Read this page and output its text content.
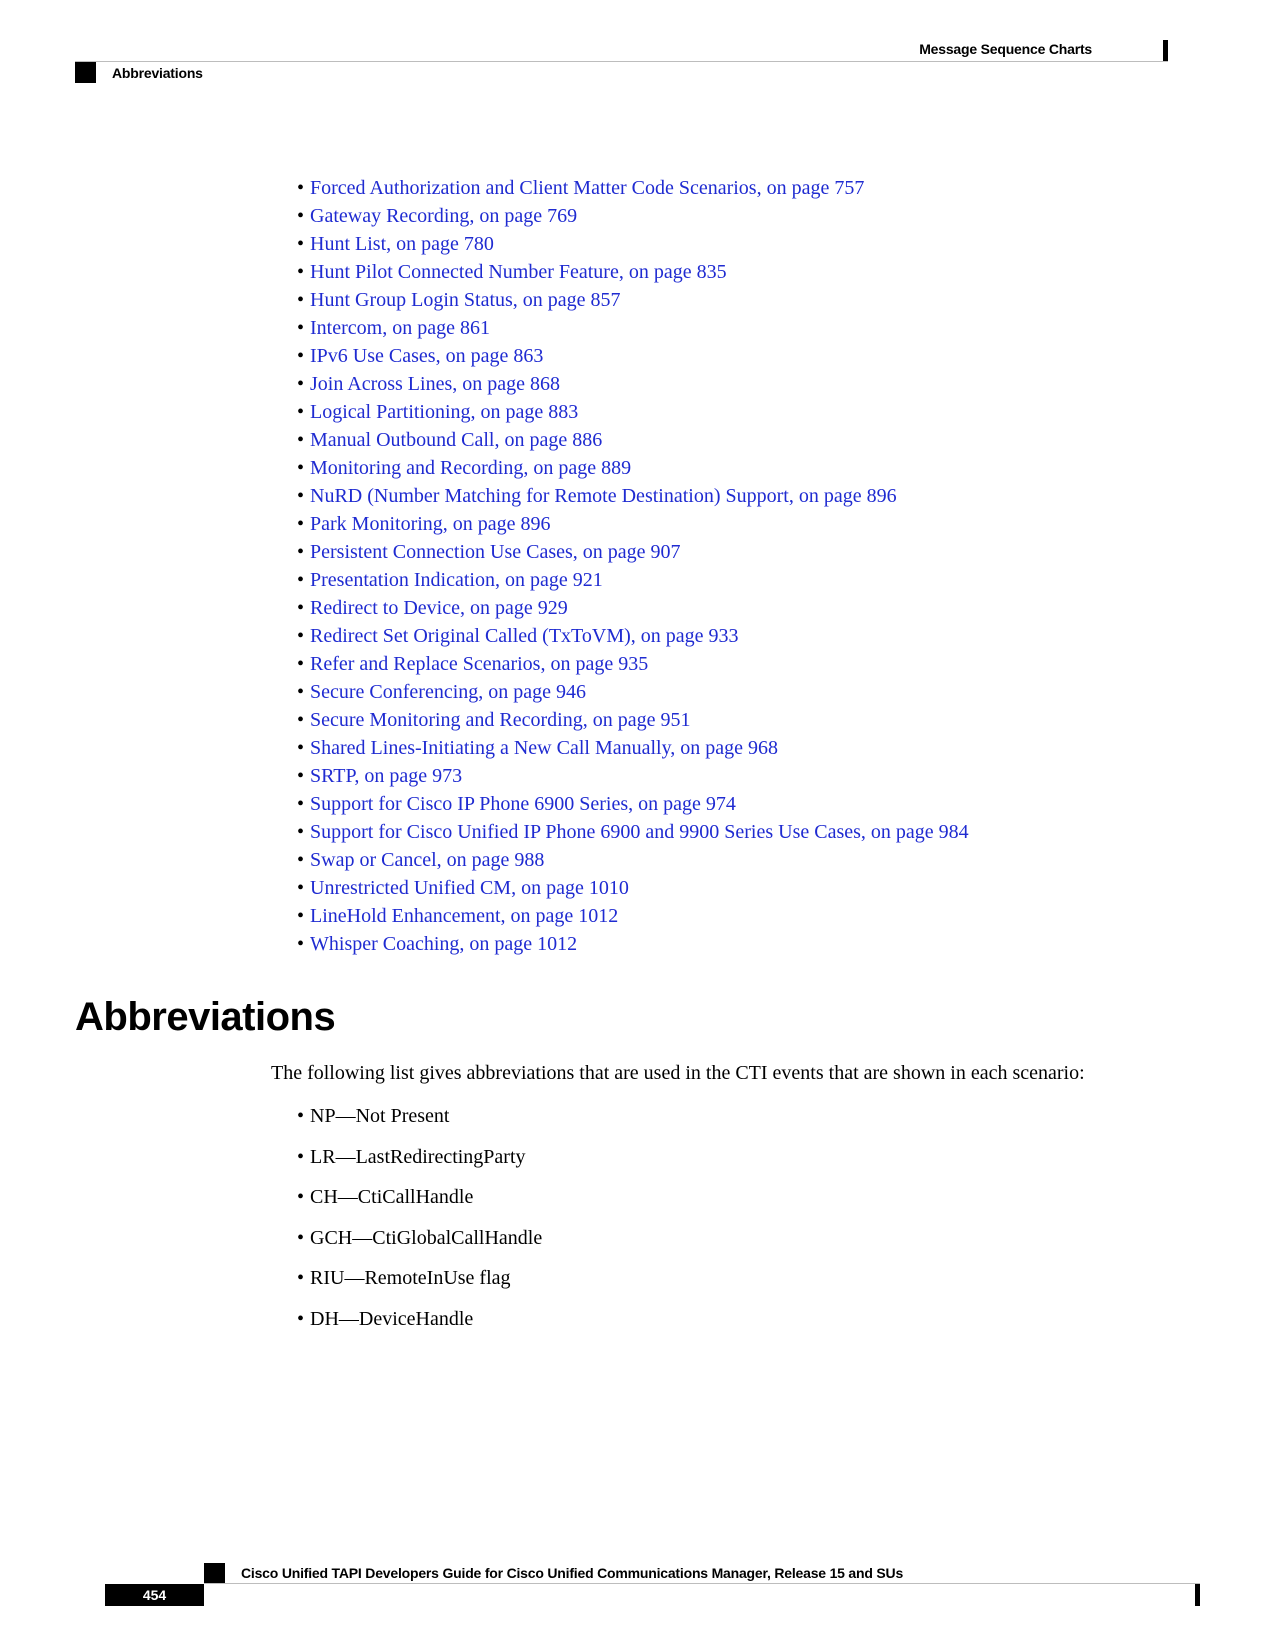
Message Sequence Charts
Abbreviations
• Forced Authorization and Client Matter Code Scenarios, on page 757
• Gateway Recording, on page 769
• Hunt List, on page 780
• Hunt Pilot Connected Number Feature, on page 835
• Hunt Group Login Status, on page 857
• Intercom, on page 861
• IPv6 Use Cases, on page 863
• Join Across Lines, on page 868
• Logical Partitioning, on page 883
• Manual Outbound Call, on page 886
• Monitoring and Recording, on page 889
• NuRD (Number Matching for Remote Destination) Support, on page 896
• Park Monitoring, on page 896
• Persistent Connection Use Cases, on page 907
• Presentation Indication, on page 921
• Redirect to Device, on page 929
• Redirect Set Original Called (TxToVM), on page 933
• Refer and Replace Scenarios, on page 935
• Secure Conferencing, on page 946
• Secure Monitoring and Recording, on page 951
• Shared Lines-Initiating a New Call Manually, on page 968
• SRTP, on page 973
• Support for Cisco IP Phone 6900 Series, on page 974
• Support for Cisco Unified IP Phone 6900 and 9900 Series Use Cases, on page 984
• Swap or Cancel, on page 988
• Unrestricted Unified CM, on page 1010
• LineHold Enhancement, on page 1012
• Whisper Coaching, on page 1012
Abbreviations

The following list gives abbreviations that are used in the CTI events that are shown in each scenario:

• NP—Not Present
• LR—LastRedirectingParty
• CH—CtiCallHandle
• GCH—CtiGlobalCallHandle
• RIU—RemoteInUse flag
• DH—DeviceHandle
Cisco Unified TAPI Developers Guide for Cisco Unified Communications Manager, Release 15 and SUs
454
